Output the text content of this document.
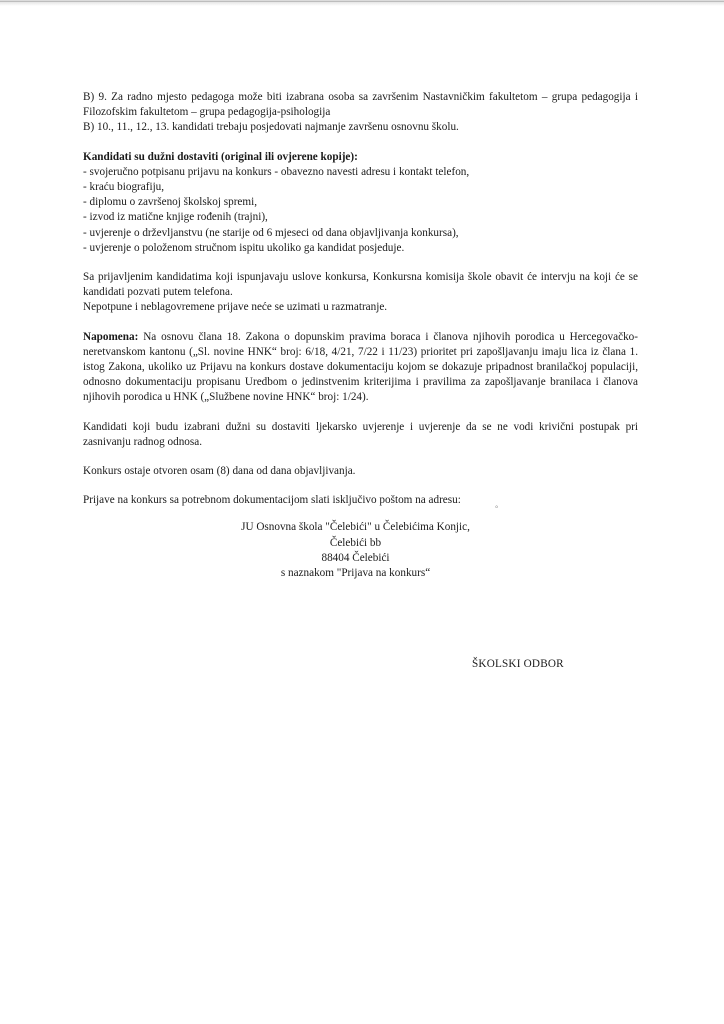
B) 9. Za radno mjesto pedagoga može biti izabrana osoba sa završenim Nastavničkim fakultetom – grupa pedagogija i Filozofskim fakultetom – grupa pedagogija-psihologija

B) 10., 11., 12., 13. kandidati trebaju posjedovati najmanje završenu osnovnu školu.

Kandidati su dužni dostaviti (original ili ovjerene kopije):

- svojeručno potpisanu prijavu na konkurs - obavezno navesti adresu i kontakt telefon,

- kraću biografiju,

- diplomu o završenoj školskoj spremi,

- izvod iz matične knjige rođenih (trajni),

- uvjerenje o drževljanstvu (ne starije od 6 mjeseci od dana objavljivanja konkursa),

- uvjerenje o položenom stručnom ispitu ukoliko ga kandidat posjeduje.

Sa prijavljenim kandidatima koji ispunjavaju uslove konkursa, Konkursna komisija škole obavit će intervju na koji će se kandidati pozvati putem telefona.

Nepotpune i neblagovremene prijave neće se uzimati u razmatranje.

Napomena: Na osnovu člana 18. Zakona o dopunskim pravima boraca i članova njihovih porodica u Hercegovačko-neretvanskom kantonu („Sl. novine HNK“ broj: 6/18, 4/21, 7/22 i 11/23) prioritet pri zapošljavanju imaju lica iz člana 1. istog Zakona, ukoliko uz Prijavu na konkurs dostave dokumentaciju kojom se dokazuje pripadnost branilačkoj populaciji, odnosno dokumentaciju propisanu Uredbom o jedinstvenim kriterijima i pravilima za zapošljavanje branilaca i članova njihovih porodica u HNK („Službene novine HNK“ broj: 1/24).

Kandidati koji budu izabrani dužni su dostaviti ljekarsko uvjerenje i uvjerenje da se ne vodi krivični postupak pri zasnivanju radnog odnosa.

Konkurs ostaje otvoren osam (8) dana od dana objavljivanja.

Prijave na konkurs sa potrebnom dokumentacijom slati isključivo poštom na adresu:

JU Osnovna škola "Čelebići" u Čelebićima Konjic,

Čelebići bb

88404 Čelebići

s naznakom "Prijava na konkurs“

ŠKOLSKI ODBOR
°
